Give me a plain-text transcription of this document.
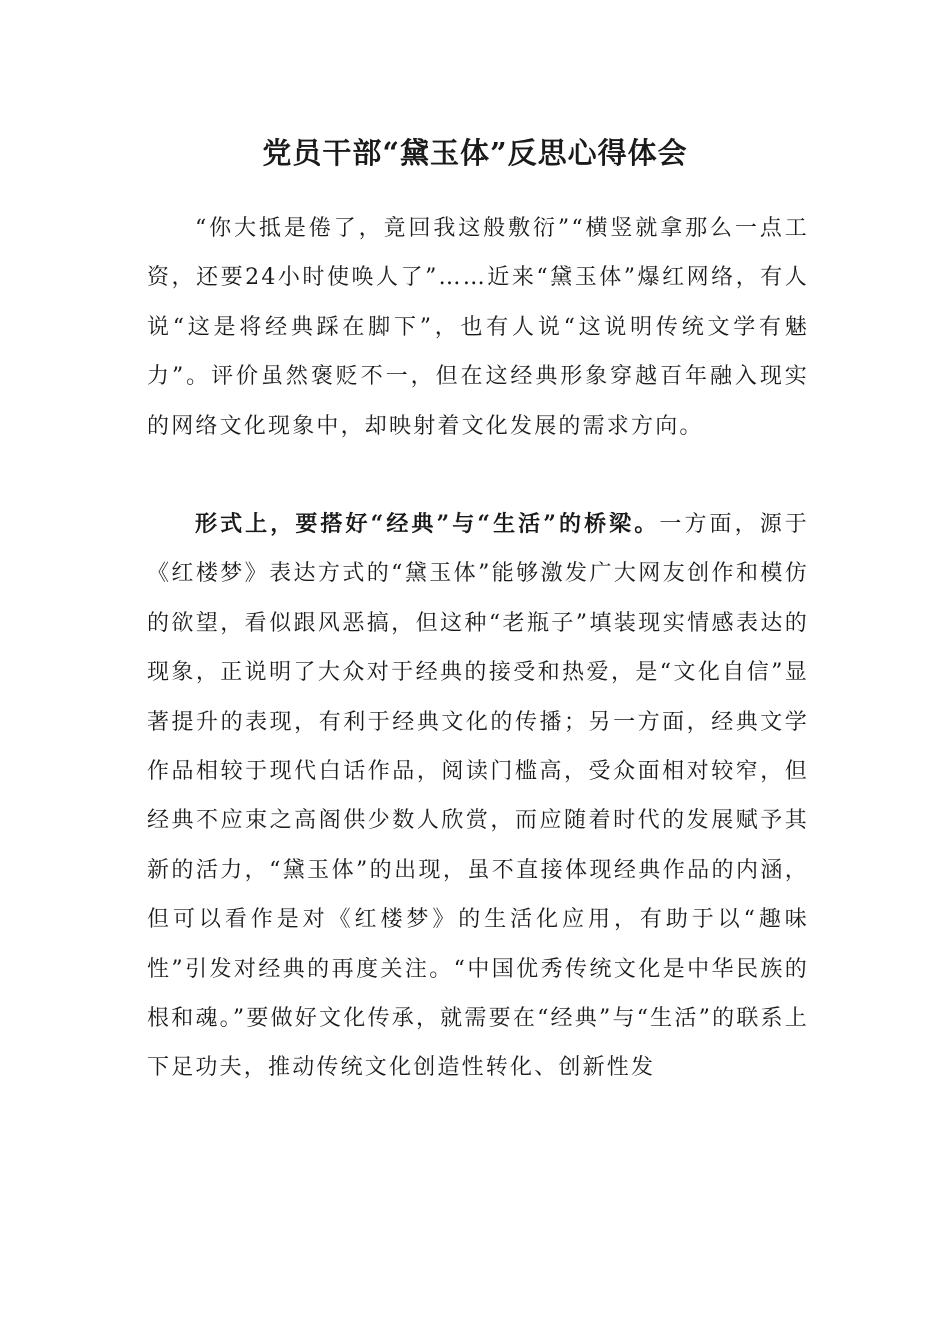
党员干部“黛玉体”反思心得体会

“你大抵是倦了，竟回我这般敷衍”“横竖就拿那么一点工资，还要24小时使唤人了”……近来“黛玉体”爆红网络，有人说“这是将经典踩在脚下”，也有人说“这说明传统文学有魅力”。评价虽然褒贬不一，但在这经典形象穿越百年融入现实的网络文化现象中，却映射着文化发展的需求方向。

形式上，要搭好“经典”与“生活”的桥梁。一方面，源于《红楼梦》表达方式的“黛玉体”能够激发广大网友创作和模仿的欲望，看似跟风恶搞，但这种“老瓶子”填装现实情感表达的现象，正说明了大众对于经典的接受和热爱，是“文化自信”显著提升的表现，有利于经典文化的传播；另一方面，经典文学作品相较于现代白话作品，阅读门槛高，受众面相对较窄，但经典不应束之高阁供少数人欣赏，而应随着时代的发展赋予其新的活力，“黛玉体”的出现，虽不直接体现经典作品的内涵，但可以看作是对《红楼梦》的生活化应用，有助于以“趣味性”引发对经典的再度关注。“中国优秀传统文化是中华民族的根和魂。”要做好文化传承，就需要在“经典”与“生活”的联系上下足功夫，推动传统文化创造性转化、创新性发
